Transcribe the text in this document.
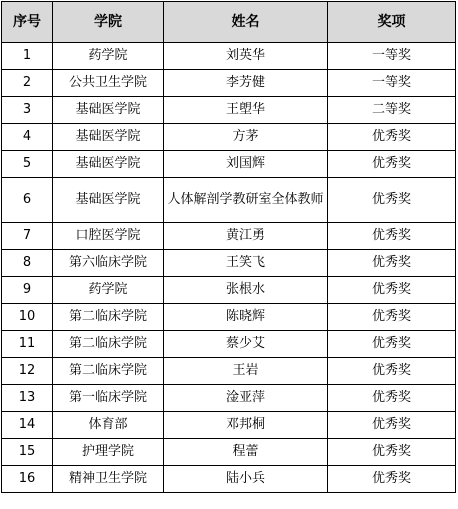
序号	学院	姓名	奖项
1	药学院	刘英华	一等奖
2	公共卫生学院	李芳健	一等奖
3	基础医学院	王塱华	二等奖
4	基础医学院	方茅	优秀奖
5	基础医学院	刘国辉	优秀奖
6	基础医学院	人体解剖学教研室全体教师	优秀奖
7	口腔医学院	黄江勇	优秀奖
8	第六临床学院	王笑飞	优秀奖
9	药学院	张根水	优秀奖
10	第二临床学院	陈晓辉	优秀奖
11	第二临床学院	蔡少艾	优秀奖
12	第二临床学院	王岩	优秀奖
13	第一临床学院	淦亚萍	优秀奖
14	体育部	邓邦桐	优秀奖
15	护理学院	程蕾	优秀奖
16	精神卫生学院	陆小兵	优秀奖
